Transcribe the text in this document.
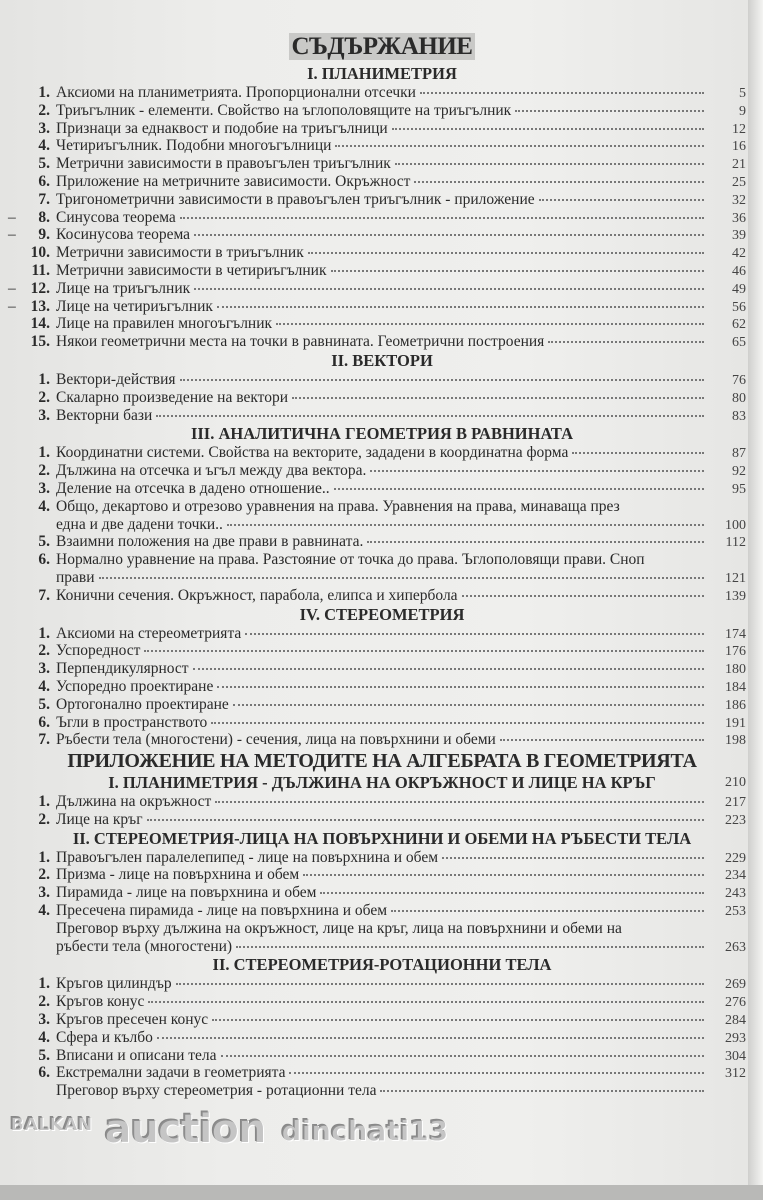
СЪДЪРЖАНИЕ
I. ПЛАНИМЕТРИЯ
1. Аксиоми на планиметрията. Пропорционални отсечки	5
2. Триъгълник - елементи. Свойство на ъглополовящите на триъгълник	9
3. Признаци за еднаквост и подобие на триъгълници	12
4. Четириъгълник. Подобни многоъгълници	16
5. Метрични зависимости в правоъгълен триъгълник	21
6. Приложение на метричните зависимости. Окръжност	25
7. Тригонометрични зависимости в правоъгълен триъгълник - приложение	32
–	8. Синусова теорема	36
–	9. Косинусова теорема	39
10. Метрични зависимости в триъгълник	42
11. Метрични зависимости в четириъгълник	46
– 12. Лице на триъгълник	49
– 13. Лице на четириъгълник	56
14. Лице на правилен многоъгълник	62
15. Някои геометрични места на точки в равнината. Геометрични построения	65
II. ВЕКТОРИ
1. Вектори-действия	76
2. Скаларно произведение на вектори	80
3. Векторни бази	83
III. АНАЛИТИЧНА ГЕОМЕТРИЯ В РАВНИНАТА
1. Координатни системи. Свойства на векторите, зададени в координатна форма	87
2. Дължина на отсечка и ъгъл между два вектора.	92
3. Деление на отсечка в дадено отношение..	95
4. Общо, декартово и отрезово уравнения на права. Уравнения на права, минаваща през
една и две дадени точки..	100
5. Взаимни положения на две прави в равнината.	112
6. Нормално уравнение на права. Разстояние от точка до права. Ъглополовящи прави. Сноп
прави	121
7. Конични сечения. Окръжност, парабола, елипса и хипербола	139
IV. СТЕРЕОМЕТРИЯ
1. Аксиоми на стереометрията	174
2. Успоредност	176
3. Перпендикулярност	180
4. Успоредно проектиране	184
5. Ортогонално проектиране	186
6. Ъгли в пространството	191
7. Ръбести тела (многостени) - сечения, лица на повърхнини и обеми	198
ПРИЛОЖЕНИЕ НА МЕТОДИТЕ НА АЛГЕБРАТА В ГЕОМЕТРИЯТА
I. ПЛАНИМЕТРИЯ - ДЪЛЖИНА НА ОКРЪЖНОСТ И ЛИЦЕ НА КРЪГ	210
1. Дължина на окръжност	217
2. Лице на кръг	223
II. СТЕРЕОМЕТРИЯ-ЛИЦА НА ПОВЪРХНИНИ И ОБЕМИ НА РЪБЕСТИ ТЕЛА
1. Правоъгълен паралелепипед - лице на повърхнина и обем	229
2. Призма - лице на повърхнина и обем	234
3. Пирамида - лице на повърхнина и обем	243
4. Пресечена пирамида - лице на повърхнина и обем	253
Преговор върху дължина на окръжност, лице на кръг, лица на повърхнини и обеми на
ръбести тела (многостени)	263
II. СТЕРЕОМЕТРИЯ-РОТАЦИОННИ ТЕЛА
1. Кръгов цилиндър	269
2. Кръгов конус	276
3. Кръгов пресечен конус	284
4. Сфера и кълбо	293
5. Вписани и описани тела	304
6. Екстремални задачи в геометрията	312
Преговор върху стереометрия - ротационни тела
BALKAN auction dinchati13
